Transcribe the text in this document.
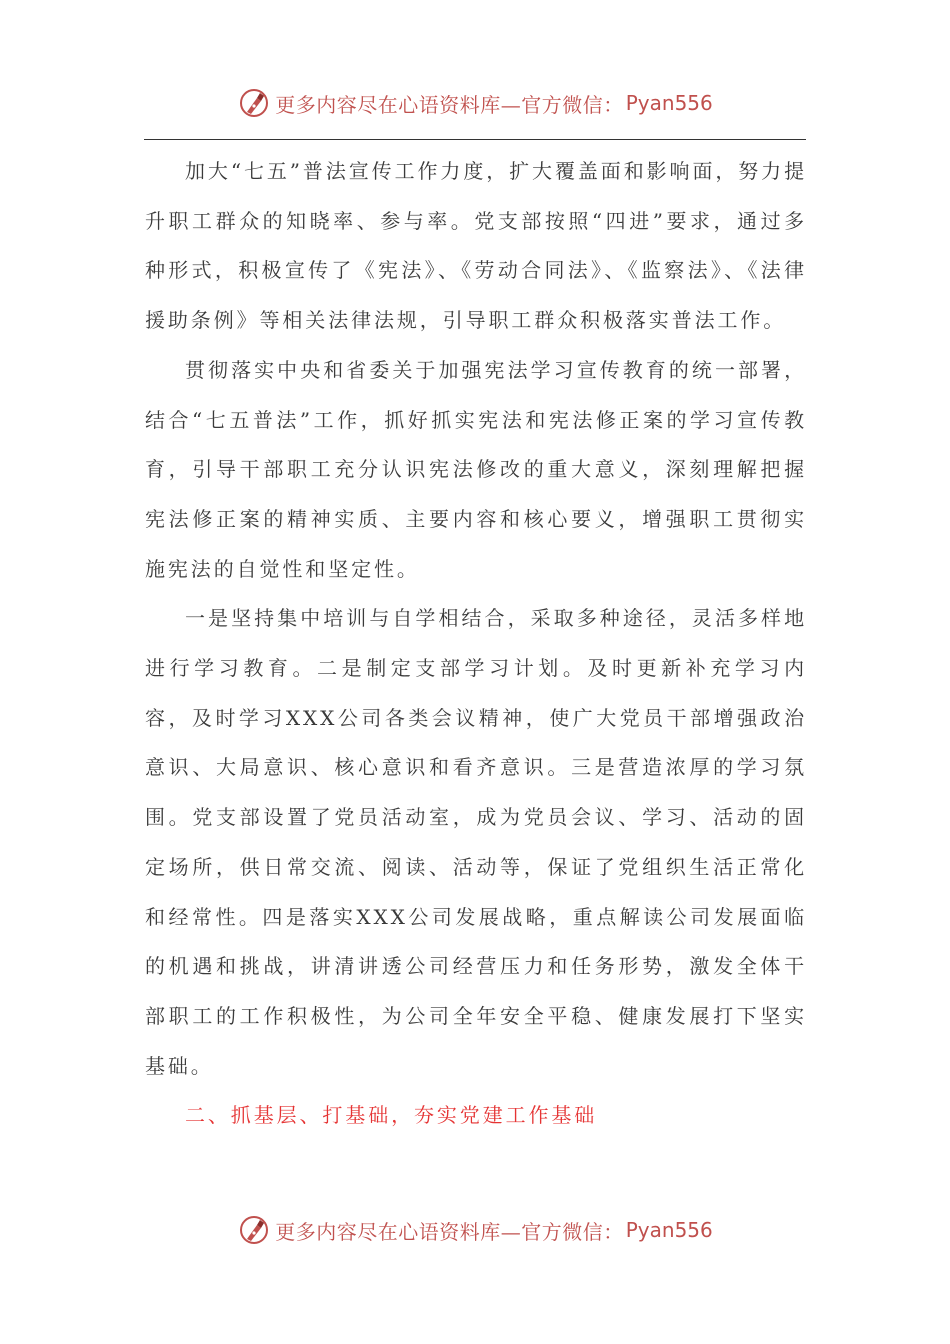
更多内容尽在心语资料库—官方微信： Pyan556

加大“七五”普法宣传工作力度，扩大覆盖面和影响面，努力提升职工群众的知晓率、参与率。党支部按照“四进”要求，通过多种形式，积极宣传了《宪法》、《劳动合同法》、《监察法》、《法律援助条例》等相关法律法规，引导职工群众积极落实普法工作。

贯彻落实中央和省委关于加强宪法学习宣传教育的统一部署，结合“七五普法”工作，抓好抓实宪法和宪法修正案的学习宣传教育，引导干部职工充分认识宪法修改的重大意义，深刻理解把握宪法修正案的精神实质、主要内容和核心要义，增强职工贯彻实施宪法的自觉性和坚定性。

一是坚持集中培训与自学相结合，采取多种途径，灵活多样地进行学习教育。二是制定支部学习计划。及时更新补充学习内容，及时学习XXX公司各类会议精神，使广大党员干部增强政治意识、大局意识、核心意识和看齐意识。三是营造浓厚的学习氛围。党支部设置了党员活动室，成为党员会议、学习、活动的固定场所，供日常交流、阅读、活动等，保证了党组织生活正常化和经常性。四是落实XXX公司发展战略，重点解读公司发展面临的机遇和挑战，讲清讲透公司经营压力和任务形势，激发全体干部职工的工作积极性，为公司全年安全平稳、健康发展打下坚实基础。

二、抓基层、打基础，夯实党建工作基础

更多内容尽在心语资料库—官方微信： Pyan556
